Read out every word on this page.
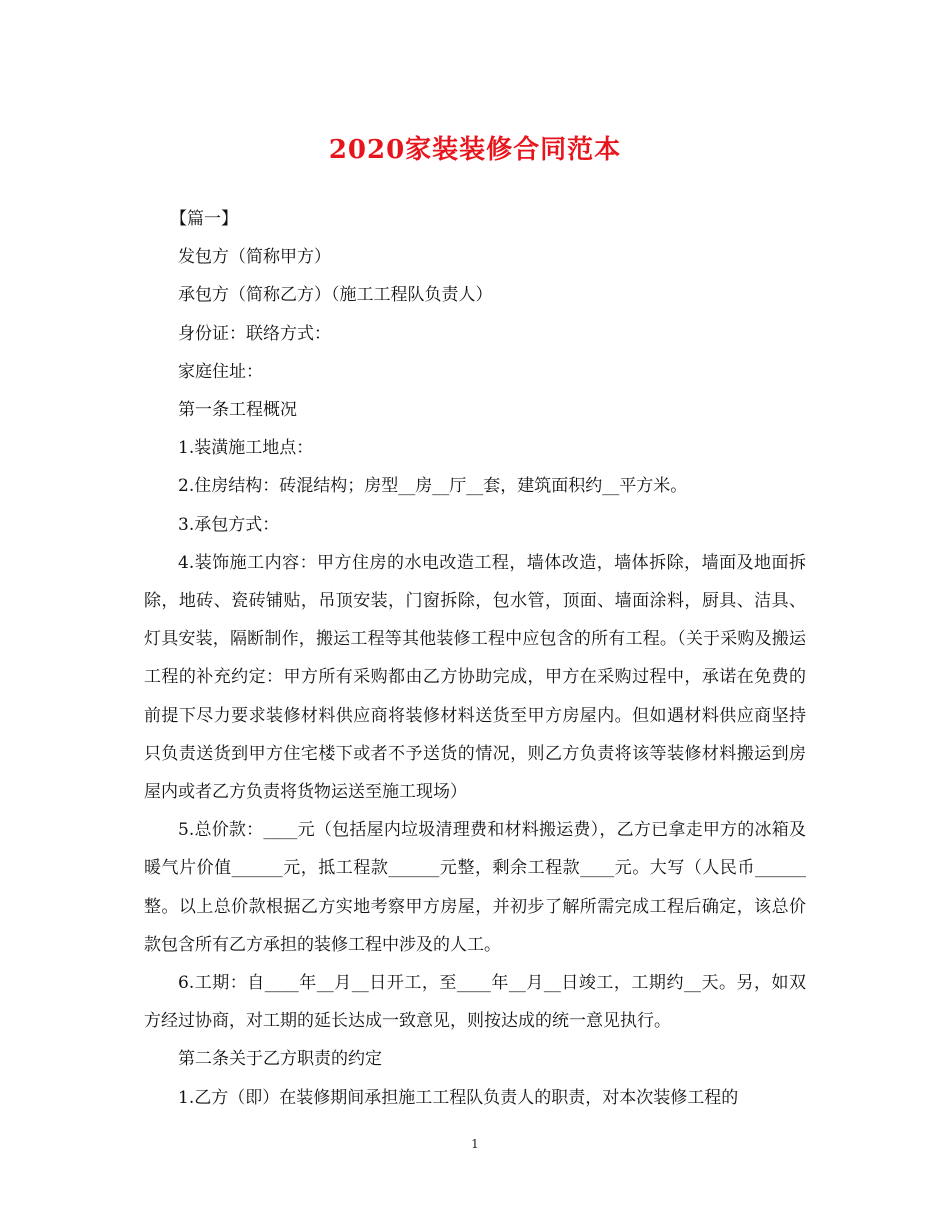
2020家装装修合同范本

【篇一】

发包方（简称甲方）

承包方（简称乙方）（施工工程队负责人）

身份证：联络方式：

家庭住址：

第一条工程概况

1.装潢施工地点：

2.住房结构：砖混结构；房型__房__厅__套，建筑面积约__平方米。

3.承包方式：

4.装饰施工内容：甲方住房的水电改造工程，墙体改造，墙体拆除，墙面及地面拆除，地砖、瓷砖铺贴，吊顶安装，门窗拆除，包水管，顶面、墙面涂料，厨具、洁具、灯具安装，隔断制作，搬运工程等其他装修工程中应包含的所有工程。（关于采购及搬运工程的补充约定：甲方所有采购都由乙方协助完成，甲方在采购过程中，承诺在免费的前提下尽力要求装修材料供应商将装修材料送货至甲方房屋内。但如遇材料供应商坚持只负责送货到甲方住宅楼下或者不予送货的情况，则乙方负责将该等装修材料搬运到房屋内或者乙方负责将货物运送至施工现场）

5.总价款：____元（包括屋内垃圾清理费和材料搬运费），乙方已拿走甲方的冰箱及暖气片价值______元，抵工程款______元整，剩余工程款____元。大写（人民币______整。以上总价款根据乙方实地考察甲方房屋，并初步了解所需完成工程后确定，该总价款包含所有乙方承担的装修工程中涉及的人工。

6.工期：自____年__月__日开工，至____年__月__日竣工，工期约__天。另，如双方经过协商，对工期的延长达成一致意见，则按达成的统一意见执行。

第二条关于乙方职责的约定

1.乙方（即）在装修期间承担施工工程队负责人的职责，对本次装修工程的

1
